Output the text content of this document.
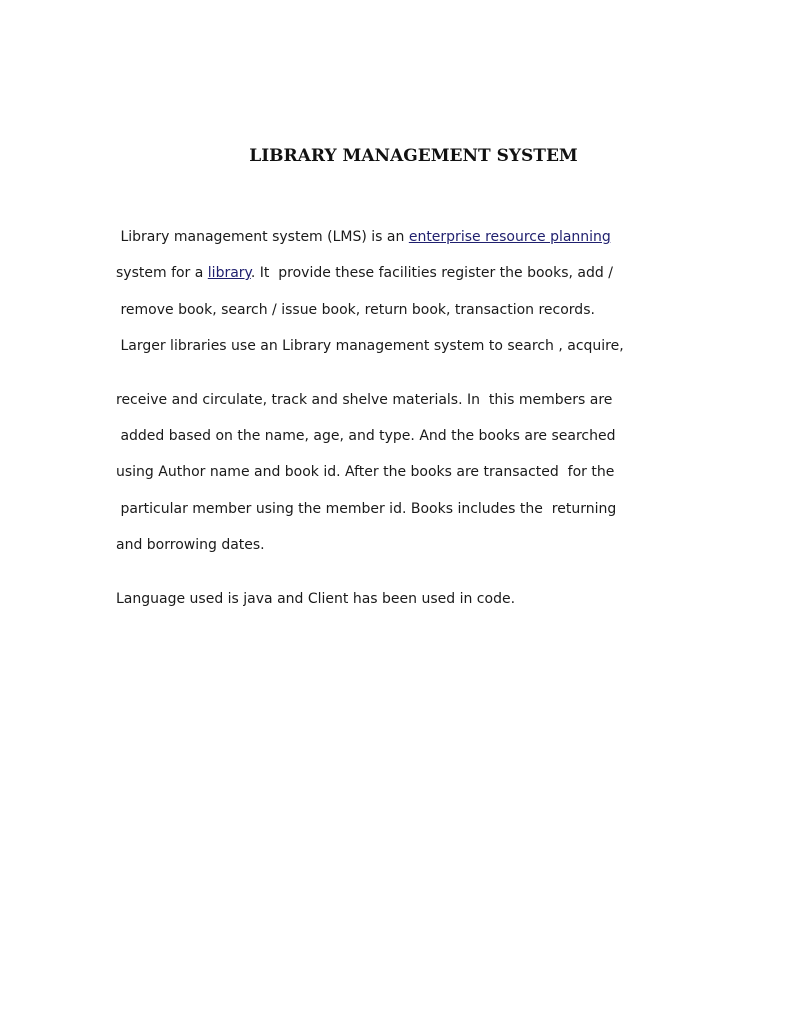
LIBRARY MANAGEMENT SYSTEM
Library management system (LMS) is an enterprise resource planning
system for a library. It  provide these facilities register the books, add /
remove book, search / issue book, return book, transaction records.
Larger libraries use an Library management system to search , acquire,
receive and circulate, track and shelve materials. In  this members are
added based on the name, age, and type. And the books are searched
using Author name and book id. After the books are transacted  for the
particular member using the member id. Books includes the  returning
and borrowing dates.
Language used is java and Client has been used in code.
